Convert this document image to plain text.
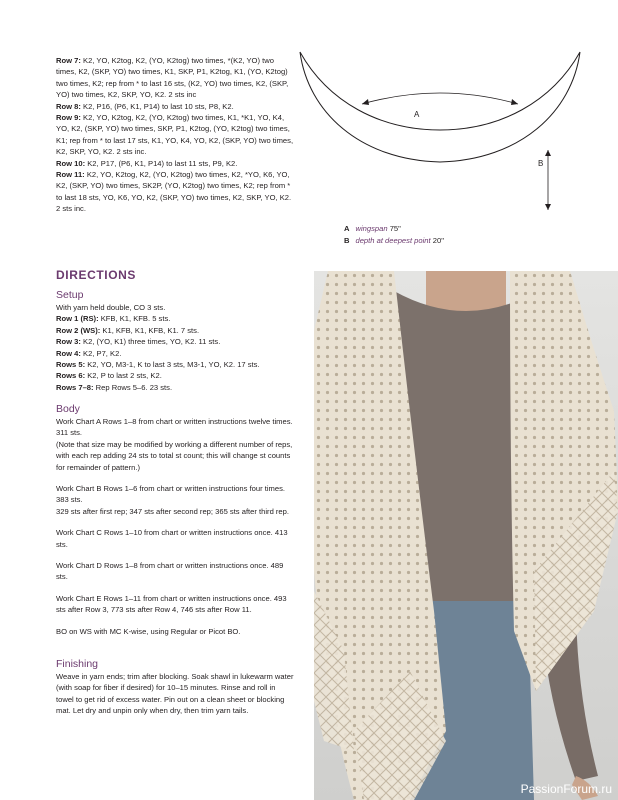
Row 7: K2, YO, K2tog, K2, (YO, K2tog) two times, *(K2, YO) two times, K2, (SKP, YO) two times, K1, SKP, P1, K2tog, K1, (YO, K2tog) two times, K2; rep from * to last 16 sts, (K2, YO) two times, K2, (SKP, YO) two times, K2, SKP, YO, K2. 2 sts inc

Row 8: K2, P16, (P6, K1, P14) to last 10 sts, P8, K2.

Row 9: K2, YO, K2tog, K2, (YO, K2tog) two times, K1, *K1, YO, K4, YO, K2, (SKP, YO) two times, SKP, P1, K2tog, (YO, K2tog) two times, K1; rep from * to last 17 sts, K1, YO, K4, YO, K2, (SKP, YO) two times, K2, SKP, YO, K2. 2 sts inc.

Row 10: K2, P17, (P6, K1, P14) to last 11 sts, P9, K2.

Row 11: K2, YO, K2tog, K2, (YO, K2tog) two times, K2, *YO, K6, YO, K2, (SKP, YO) two times, SK2P, (YO, K2tog) two times, K2; rep from * to last 18 sts, YO, K6, YO, K2, (SKP, YO) two times, K2, SKP, YO, K2. 2 sts inc.

DIRECTIONS

Setup

With yarn held double, CO 3 sts.

Row 1 (RS): KFB, K1, KFB. 5 sts.

Row 2 (WS): K1, KFB, K1, KFB, K1. 7 sts.

Row 3: K2, (YO, K1) three times, YO, K2. 11 sts.

Row 4: K2, P7, K2.

Rows 5: K2, YO, M3-1, K to last 3 sts, M3-1, YO, K2. 17 sts.

Rows 6: K2, P to last 2 sts, K2.

Rows 7–8: Rep Rows 5–6. 23 sts.

Body

Work Chart A Rows 1–8 from chart or written instructions twelve times. 311 sts.

(Note that size may be modified by working a different number of reps, with each rep adding 24 sts to total st count; this will change st counts for remainder of pattern.)

Work Chart B Rows 1–6 from chart or written instructions four times. 383 sts.

329 sts after first rep; 347 sts after second rep; 365 sts after third rep.

Work Chart C Rows 1–10 from chart or written instructions once. 413 sts.

Work Chart D Rows 1–8 from chart or written instructions once. 489 sts.

Work Chart E Rows 1–11 from chart or written instructions once. 493 sts after Row 3, 773 sts after Row 4, 746 sts after Row 11.

BO on WS with MC K-wise, using Regular or Picot BO.

Finishing

Weave in yarn ends; trim after blocking. Soak shawl in lukewarm water (with soap for fiber if desired) for 10–15 minutes. Rinse and roll in towel to get rid of excess water. Pin out on a clean sheet or blocking mat. Let dry and unpin only when dry, then trim yarn tails.

A
B
A wingspan 75"
B depth at deepest point 20"
PassionForum.ru
